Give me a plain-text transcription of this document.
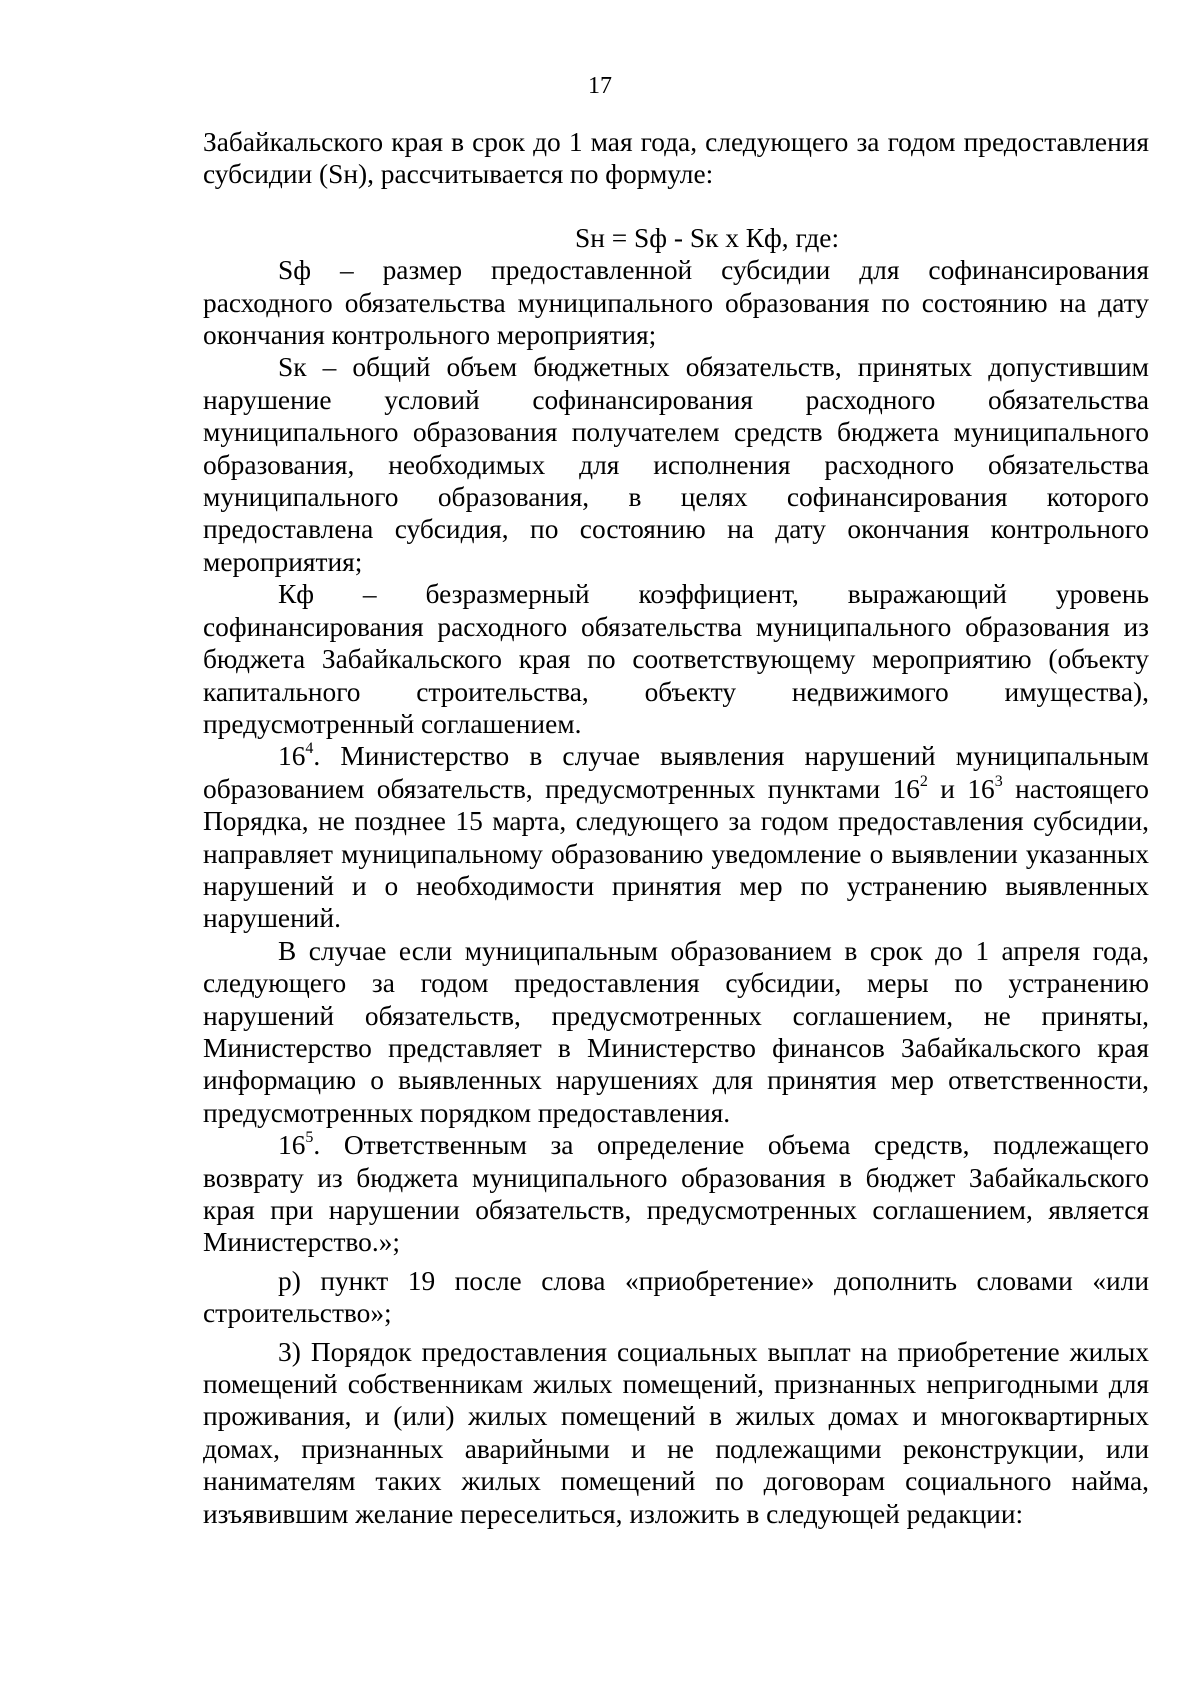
17

Забайкальского края в срок до 1 мая года, следующего за годом предоставления субсидии (Sн), рассчитывается по формуле:

Sн = Sф - Sк х Кф, где:

Sф – размер предоставленной субсидии для софинансирования расходного обязательства муниципального образования по состоянию на дату окончания контрольного мероприятия;

Sк – общий объем бюджетных обязательств, принятых допустившим нарушение условий софинансирования расходного обязательства муниципального образования получателем средств бюджета муниципального образования, необходимых для исполнения расходного обязательства муниципального образования, в целях софинансирования которого предоставлена субсидия, по состоянию на дату окончания контрольного мероприятия;

Кф – безразмерный коэффициент, выражающий уровень софинансирования расходного обязательства муниципального образования из бюджета Забайкальского края по соответствующему мероприятию (объекту капитального строительства, объекту недвижимого имущества), предусмотренный соглашением.

$16^4$. Министерство в случае выявления нарушений муниципальным образованием обязательств, предусмотренных пунктами $16^2$ и $16^3$ настоящего Порядка, не позднее 15 марта, следующего за годом предоставления субсидии, направляет муниципальному образованию уведомление о выявлении указанных нарушений и о необходимости принятия мер по устранению выявленных нарушений.

В случае если муниципальным образованием в срок до 1 апреля года, следующего за годом предоставления субсидии, меры по устранению нарушений обязательств, предусмотренных соглашением, не приняты, Министерство представляет в Министерство финансов Забайкальского края информацию о выявленных нарушениях для принятия мер ответственности, предусмотренных порядком предоставления.

$16^5$. Ответственным за определение объема средств, подлежащего возврату из бюджета муниципального образования в бюджет Забайкальского края при нарушении обязательств, предусмотренных соглашением, является Министерство.»;

р) пункт 19 после слова «приобретение» дополнить словами «или строительство»;

3) Порядок предоставления социальных выплат на приобретение жилых помещений собственникам жилых помещений, признанных непригодными для проживания, и (или) жилых помещений в жилых домах и многоквартирных домах, признанных аварийными и не подлежащими реконструкции, или нанимателям таких жилых помещений по договорам социального найма, изъявившим желание переселиться, изложить в следующей редакции:
